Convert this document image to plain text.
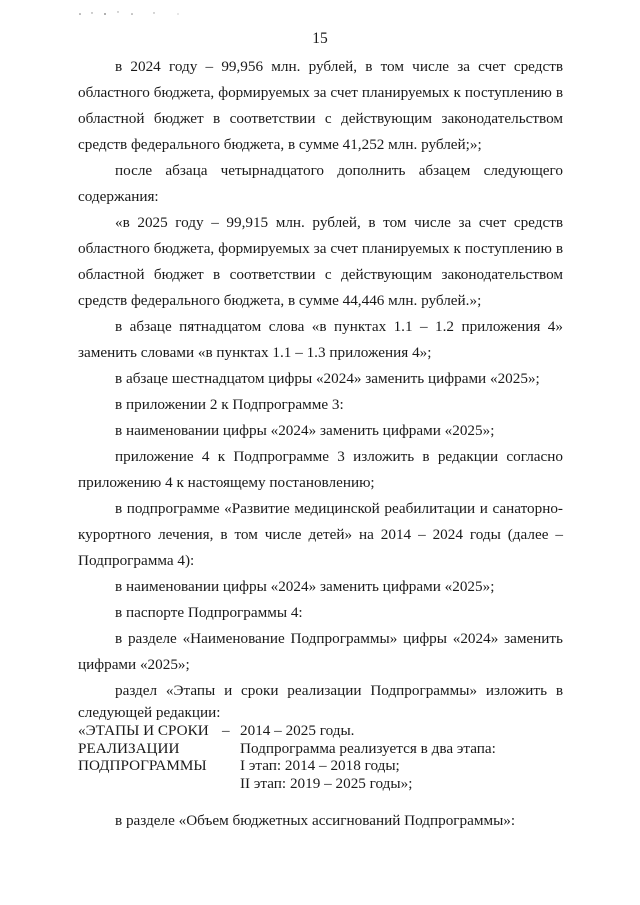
15
в 2024 году – 99,956 млн. рублей, в том числе за счет средств
областного бюджета, формируемых за счет планируемых к поступлению в
областной бюджет в соответствии с действующим законодательством
средств федерального бюджета, в сумме 41,252 млн. рублей;»;
после абзаца четырнадцатого дополнить абзацем следующего
содержания:
«в 2025 году – 99,915 млн. рублей, в том числе за счет средств
областного бюджета, формируемых за счет планируемых к поступлению в
областной бюджет в соответствии с действующим законодательством
средств федерального бюджета, в сумме 44,446 млн. рублей.»;
в абзаце пятнадцатом слова «в пунктах 1.1 – 1.2 приложения 4»
заменить словами «в пунктах 1.1 – 1.3 приложения 4»;
в абзаце шестнадцатом цифры «2024» заменить цифрами «2025»;
в приложении 2 к Подпрограмме 3:
в наименовании цифры «2024» заменить цифрами «2025»;
приложение 4 к Подпрограмме 3 изложить в редакции согласно
приложению 4 к настоящему постановлению;
в подпрограмме «Развитие медицинской реабилитации и санаторно-
курортного лечения, в том числе детей» на 2014 – 2024 годы (далее –
Подпрограмма 4):
в наименовании цифры «2024» заменить цифрами «2025»;
в паспорте Подпрограммы 4:
в разделе «Наименование Подпрограммы» цифры «2024» заменить
цифрами «2025»;
раздел «Этапы и сроки реализации Подпрограммы» изложить в
следующей редакции:
«ЭТАПЫ И СРОКИ
РЕАЛИЗАЦИИ
ПОДПРОГРАММЫ
– 2014 – 2025 годы.
Подпрограмма реализуется в два этапа:
I этап: 2014 – 2018 годы;
II этап: 2019 – 2025 годы»;
в разделе «Объем бюджетных ассигнований Подпрограммы»:
